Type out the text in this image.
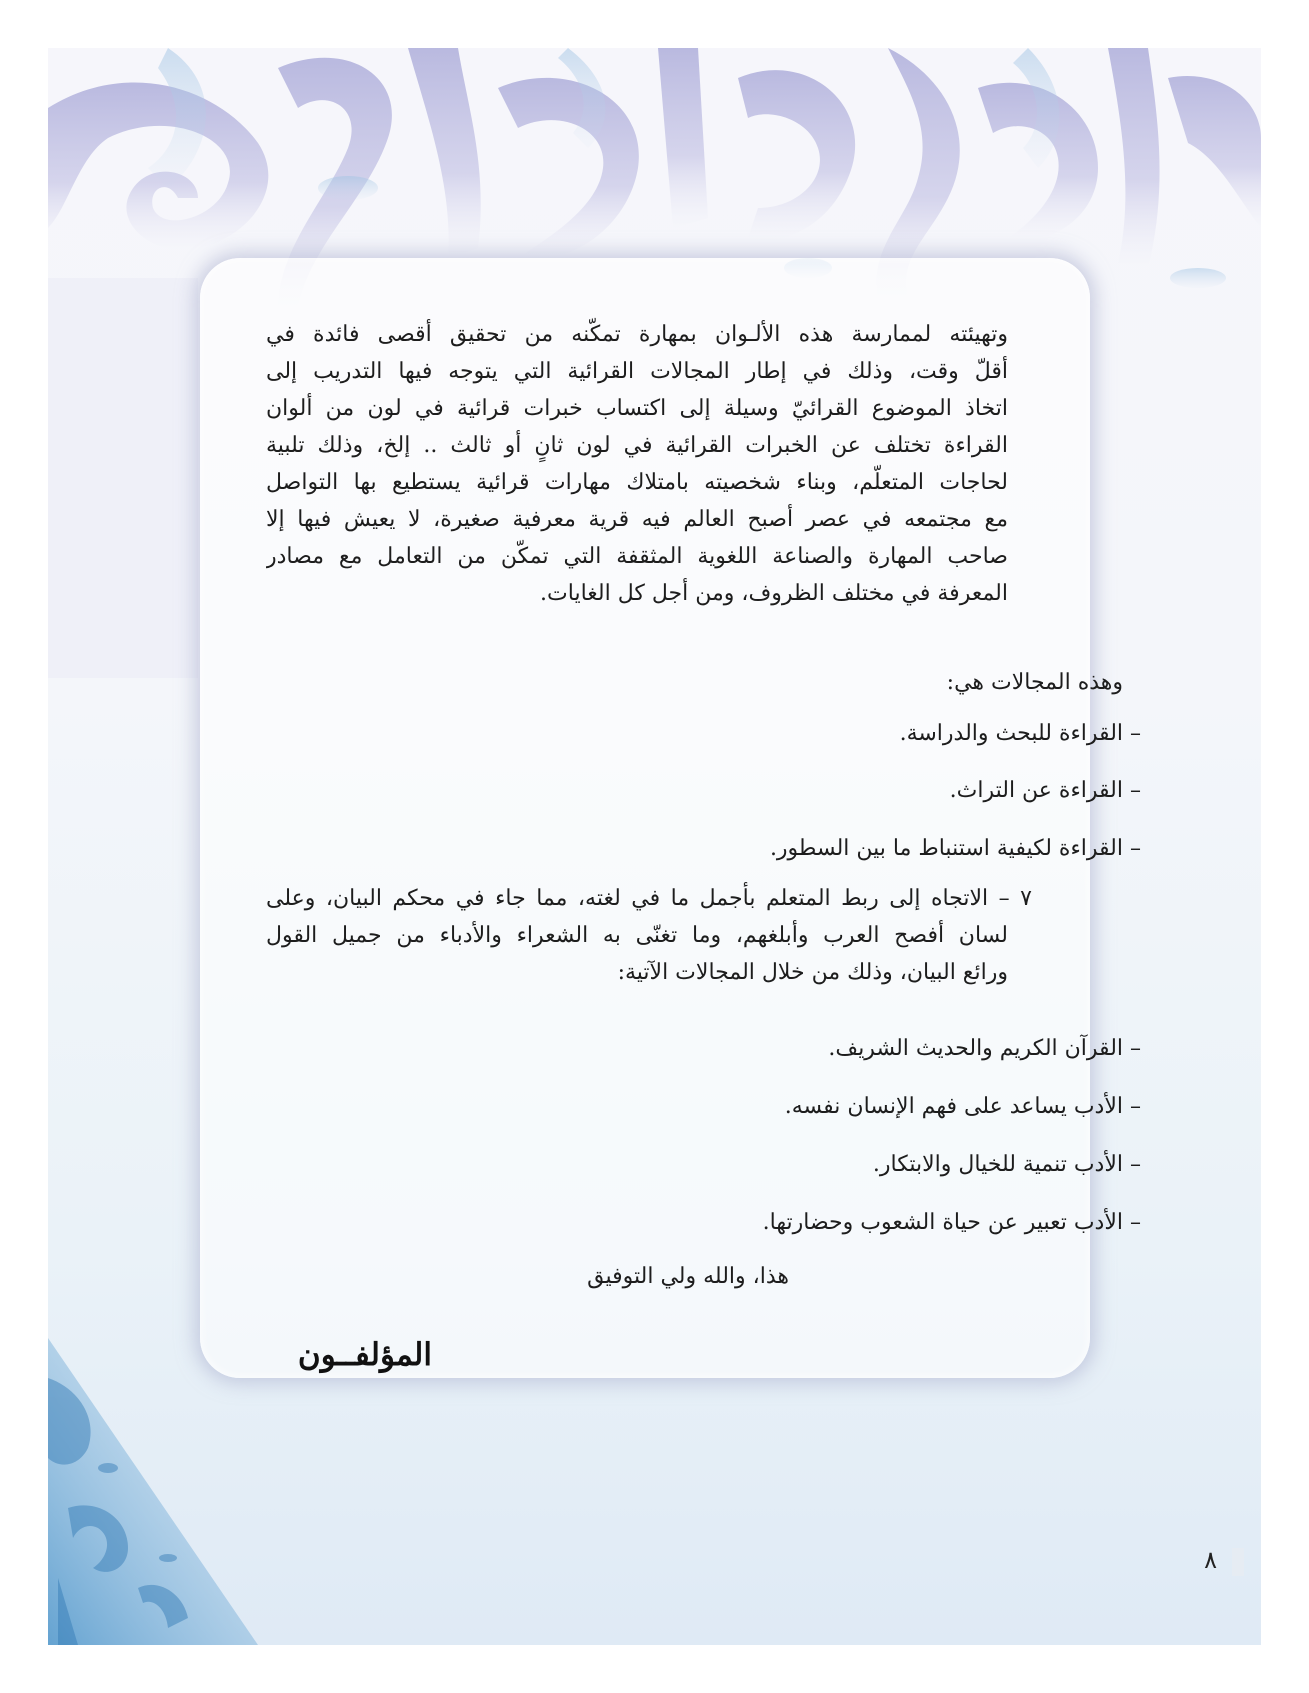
وتهيئته لممارسة هذه الألـوان بمهارة تمكّنه من تحقيق أقصى فائدة في
أقلّ وقت، وذلك في إطار المجالات القرائية التي يتوجه فيها التدريب إلى
اتخاذ الموضوع القرائيّ وسيلة إلى اكتساب خبرات قرائية في لون من ألوان
القراءة تختلف عن الخبرات القرائية في لون ثانٍ أو ثالث .. إلخ، وذلك تلبية
لحاجات المتعلّم، وبناء شخصيته بامتلاك مهارات قرائية يستطيع بها التواصل
مع مجتمعه في عصر أصبح العالم فيه قرية معرفية صغيرة، لا يعيش فيها إلا
صاحب المهارة والصناعة اللغوية المثقفة التي تمكّن من التعامل مع مصادر
المعرفة في مختلف الظروف، ومن أجل كل الغايات.
وهذه المجالات هي:
– القراءة للبحث والدراسة.
– القراءة عن التراث.
– القراءة لكيفية استنباط ما بين السطور.
٧ – الاتجاه إلى ربط المتعلم بأجمل ما في لغته، مما جاء في محكم البيان، وعلى
لسان أفصح العرب وأبلغهم، وما تغنّى به الشعراء والأدباء من جميل القول
ورائع البيان، وذلك من خلال المجالات الآتية:
– القرآن الكريم والحديث الشريف.
– الأدب يساعد على فهم الإنسان نفسه.
– الأدب تنمية للخيال والابتكار.
– الأدب تعبير عن حياة الشعوب وحضارتها.
هذا، والله ولي التوفيق
المؤلفــون
٨
